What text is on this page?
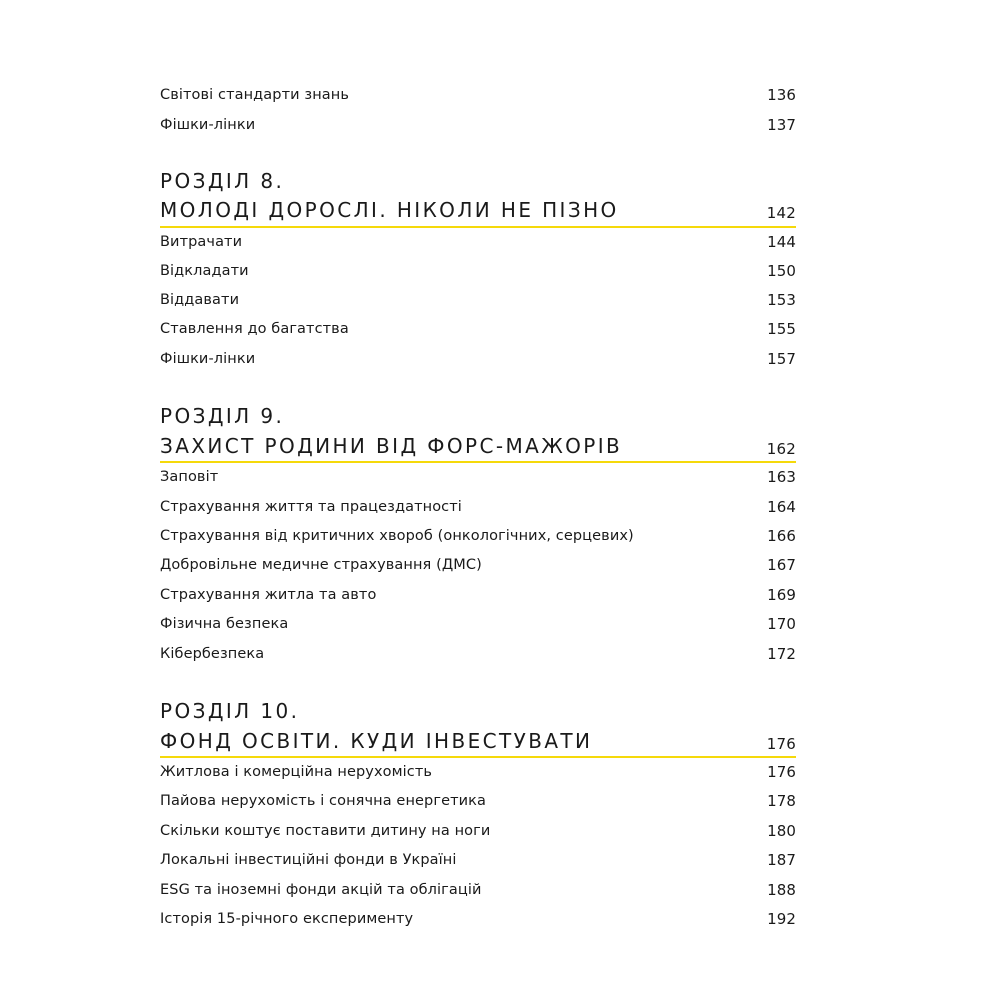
Світові стандарти знань	136
Фішки-лінки	137
РОЗДІЛ 8.
МОЛОДІ ДОРОСЛІ. НІКОЛИ НЕ ПІЗНО	142
Витрачати	144
Відкладати	150
Віддавати	153
Ставлення до багатства	155
Фішки-лінки	157
РОЗДІЛ 9.
ЗАХИСТ РОДИНИ ВІД ФОРС-МАЖОРІВ	162
Заповіт	163
Страхування життя та працездатності	164
Страхування від критичних хвороб (онкологічних, серцевих)	166
Добровільне медичне страхування (ДМС)	167
Страхування житла та авто	169
Фізична безпека	170
Кібербезпека	172
РОЗДІЛ 10.
ФОНД ОСВІТИ. КУДИ ІНВЕСТУВАТИ	176
Житлова і комерційна нерухомість	176
Пайова нерухомість і сонячна енергетика	178
Скільки коштує поставити дитину на ноги	180
Локальні інвестиційні фонди в Україні	187
ESG та іноземні фонди акцій та облігацій	188
Історія 15-річного експерименту	192
